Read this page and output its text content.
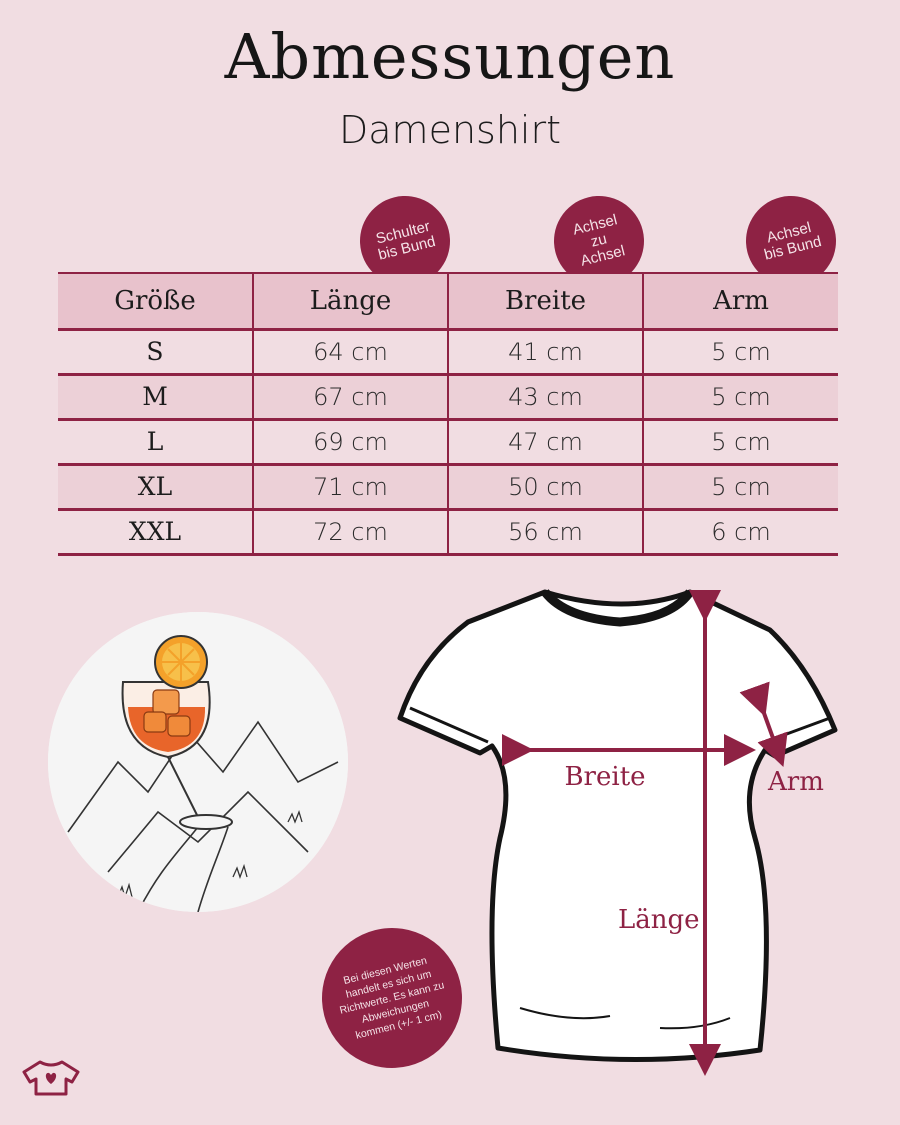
Abmessungen
Damenshirt
Schulter
bis Bund
Achsel
zu
Achsel
Achsel
bis Bund
Größe	Länge	Breite	Arm
S	64 cm	41 cm	5 cm
M	67 cm	43 cm	5 cm
L	69 cm	47 cm	5 cm
XL	71 cm	50 cm	5 cm
XXL	72 cm	56 cm	6 cm
Breite	Arm
Länge
Bei diesen Werten handelt es sich um Richtwerte. Es kann zu Abweichungen kommen (+/- 1 cm)
